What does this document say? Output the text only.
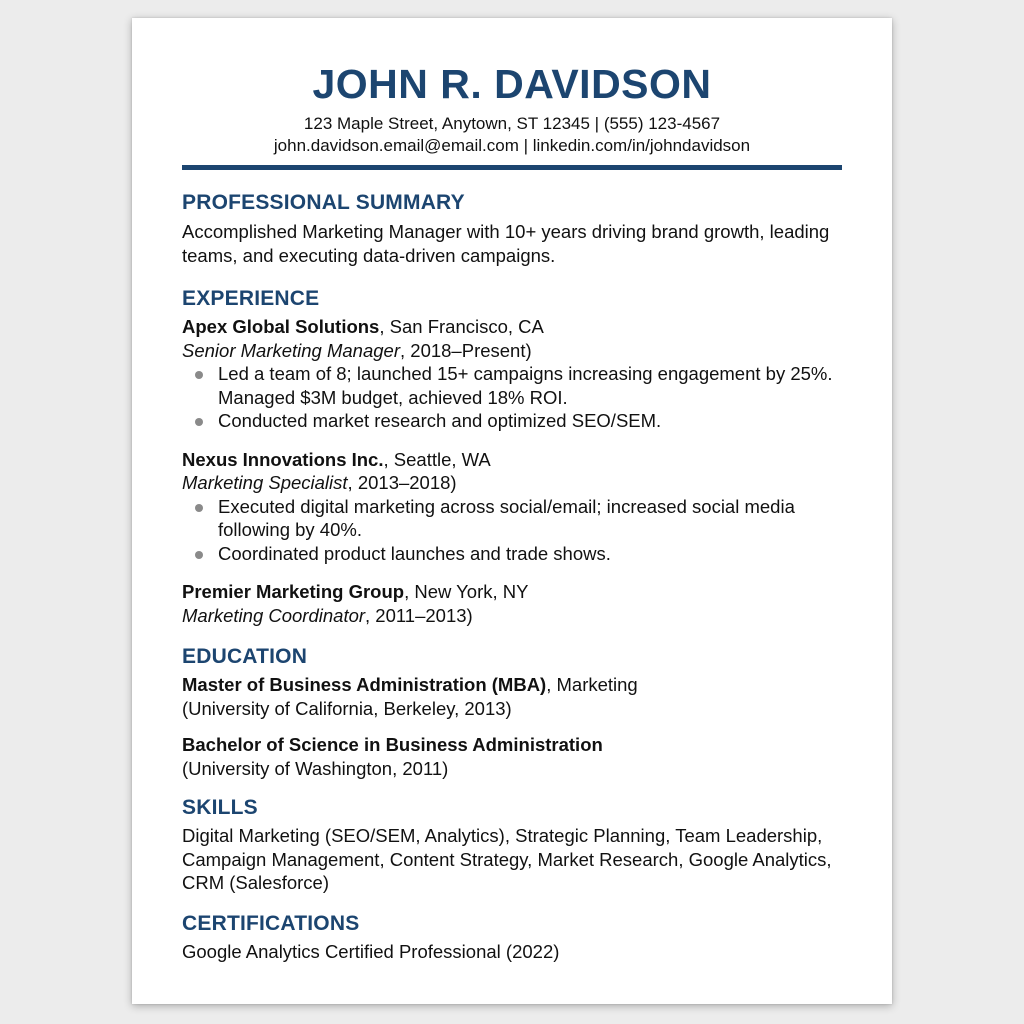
JOHN R. DAVIDSON
123 Maple Street, Anytown, ST 12345 | (555) 123-4567
john.davidson.email@email.com | linkedin.com/in/johndavidson
PROFESSIONAL SUMMARY
Accomplished Marketing Manager with 10+ years driving brand growth, leading teams, and executing data-driven campaigns.
EXPERIENCE
Apex Global Solutions, San Francisco, CA
Senior Marketing Manager, 2018–Present)
Led a team of 8; launched 15+ campaigns increasing engagement by 25%. Managed $3M budget, achieved 18% ROI.
Conducted market research and optimized SEO/SEM.
Nexus Innovations Inc., Seattle, WA
Marketing Specialist, 2013–2018)
Executed digital marketing across social/email; increased social media following by 40%.
Coordinated product launches and trade shows.
Premier Marketing Group, New York, NY
Marketing Coordinator, 2011–2013)
EDUCATION
Master of Business Administration (MBA), Marketing
(University of California, Berkeley, 2013)
Bachelor of Science in Business Administration
(University of Washington, 2011)
SKILLS
Digital Marketing (SEO/SEM, Analytics), Strategic Planning, Team Leadership, Campaign Management, Content Strategy, Market Research, Google Analytics, CRM (Salesforce)
CERTIFICATIONS
Google Analytics Certified Professional (2022)
